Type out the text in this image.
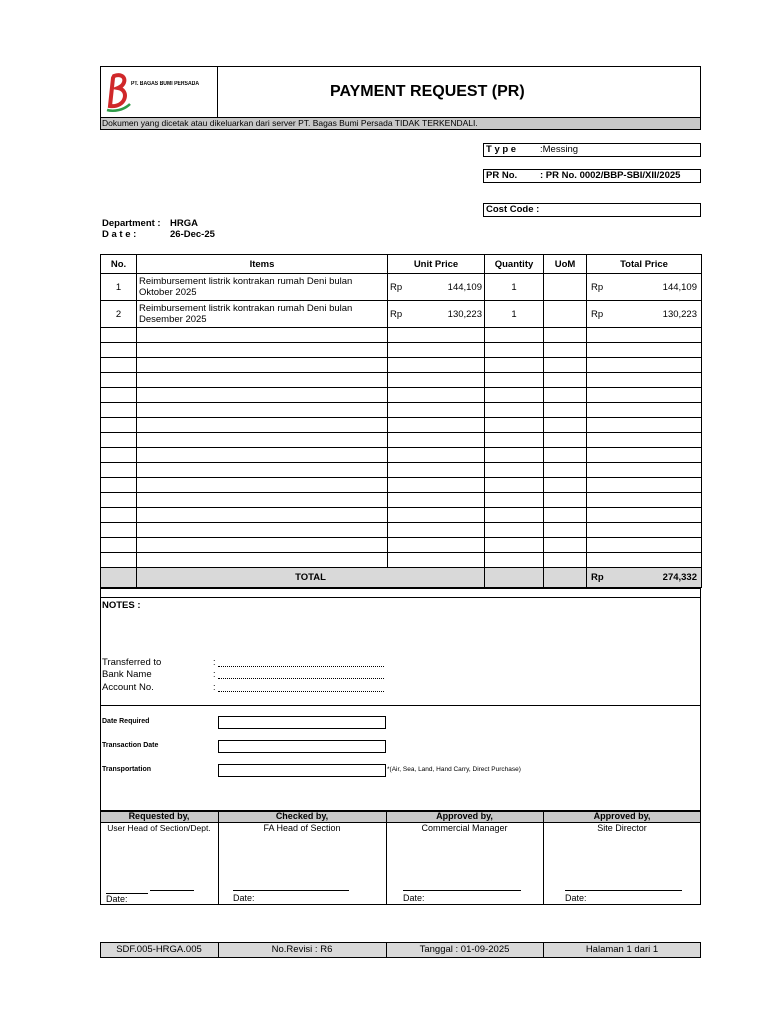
PT. BAGAS BUMI PERSADA	PAYMENT REQUEST (PR)
Dokumen yang dicetak atau dikeluarkan dari server PT. Bagas Bumi Persada TIDAK TERKENDALI.
T y p e	:Messing
PR No. : PR No. 0002/BBP-SBI/XII/2025
Cost Code :
Department : HRGA
D a t e :	26-Dec-25
No.	Items	Unit Price	Quantity	UoM	Total Price
1	Reimbursement listrik kontrakan rumah Deni bulan Oktober 2025	Rp 144,109	1		Rp 144,109

2	Reimbursement listrik kontrakan rumah Deni bulan Desember 2025	Rp 130,223	1		Rp 130,223

	TOTAL				Rp 274,332
NOTES :
Transferred to
Bank Name
Account No.
:
:
:
Date Required
Transaction Date
Transportation	*(Air, Sea, Land, Hand Carry, Direct Purchase)
Requested by,	Checked by,	Approved by,	Approved by,
User Head of Section/Dept.	FA Head of Section	Commercial Manager	Site Director
Date:	Date:	Date:	Date:
SDF.005-HRGA.005	No.Revisi : R6	Tanggal : 01-09-2025	Halaman 1 dari 1
